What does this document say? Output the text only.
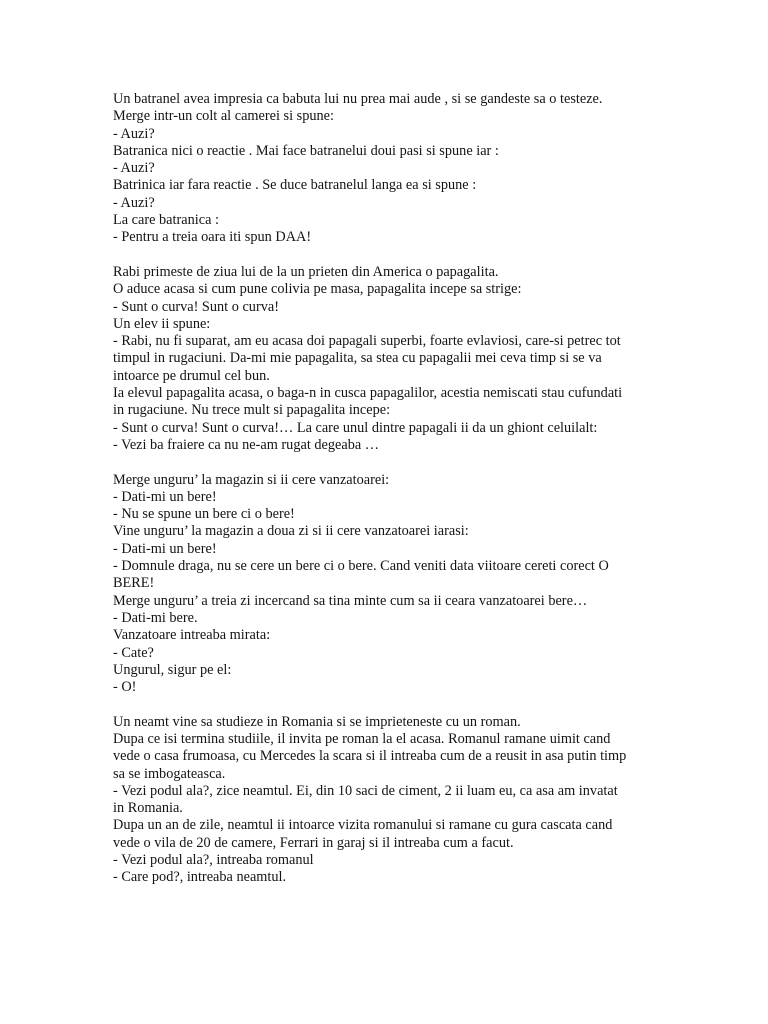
Un batranel avea impresia ca babuta lui nu prea mai aude , si se gandeste sa o testeze.
Merge intr-un colt al camerei si spune:
- Auzi?
Batranica nici o reactie . Mai face batranelui doui pasi si spune iar :
- Auzi?
Batrinica iar fara reactie . Se duce batranelul langa ea si spune :
- Auzi?
La care batranica :
- Pentru a treia oara iti spun DAA!
Rabi primeste de ziua lui de la un prieten din America o papagalita.
O aduce acasa si cum pune colivia pe masa, papagalita incepe sa strige:
- Sunt o curva! Sunt o curva!
Un elev ii spune:
- Rabi, nu fi suparat, am eu acasa doi papagali superbi, foarte evlaviosi, care-si petrec tot
timpul in rugaciuni. Da-mi mie papagalita, sa stea cu papagalii mei ceva timp si se va
intoarce pe drumul cel bun.
Ia elevul papagalita acasa, o baga-n in cusca papagalilor, acestia nemiscati stau cufundati
in rugaciune. Nu trece mult si papagalita incepe:
- Sunt o curva! Sunt o curva!… La care unul dintre papagali ii da un ghiont celuilalt:
- Vezi ba fraiere ca nu ne-am rugat degeaba …
Merge unguru’ la magazin si ii cere vanzatoarei:
- Dati-mi un bere!
- Nu se spune un bere ci o bere!
Vine unguru’ la magazin a doua zi si ii cere vanzatoarei iarasi:
- Dati-mi un bere!
- Domnule draga, nu se cere un bere ci o bere. Cand veniti data viitoare cereti corect O
BERE!
Merge unguru’ a treia zi incercand sa tina minte cum sa ii ceara vanzatoarei bere…
- Dati-mi bere.
Vanzatoare intreaba mirata:
- Cate?
Ungurul, sigur pe el:
- O!
Un neamt vine sa studieze in Romania si se imprieteneste cu un roman.
Dupa ce isi termina studiile, il invita pe roman la el acasa. Romanul ramane uimit cand
vede o casa frumoasa, cu Mercedes la scara si il intreaba cum de a reusit in asa putin timp
sa se imbogateasca.
- Vezi podul ala?, zice neamtul. Ei, din 10 saci de ciment, 2 ii luam eu, ca asa am invatat
in Romania.
Dupa un an de zile, neamtul ii intoarce vizita romanului si ramane cu gura cascata cand
vede o vila de 20 de camere, Ferrari in garaj si il intreaba cum a facut.
- Vezi podul ala?, intreaba romanul
- Care pod?, intreaba neamtul.
